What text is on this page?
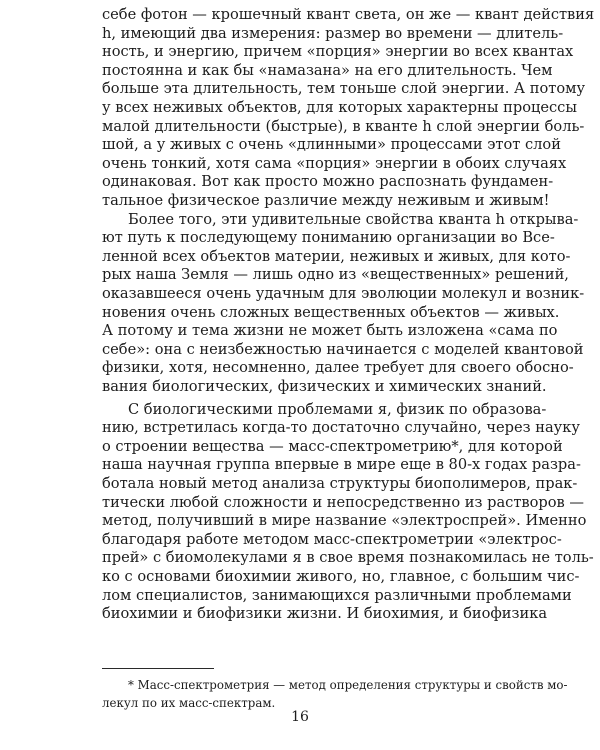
себе фотон — крошечный квант света, он же — квант действия
h, имеющий два измерения: размер во времени — длитель-
ность, и энергию, причем «порция» энергии во всех квантах
постоянна и как бы «намазана» на его длительность. Чем
больше эта длительность, тем тоньше слой энергии. А потому
у всех неживых объектов, для которых характерны процессы
малой длительности (быстрые), в кванте h слой энергии боль-
шой, а у живых с очень «длинными» процессами этот слой
очень тонкий, хотя сама «порция» энергии в обоих случаях
одинаковая. Вот как просто можно распознать фундамен-
тальное физическое различие между неживым и живым!
Более того, эти удивительные свойства кванта h открыва-
ют путь к последующему пониманию организации во Все-
ленной всех объектов материи, неживых и живых, для кото-
рых наша Земля — лишь одно из «вещественных» решений,
оказавшееся очень удачным для эволюции молекул и возник-
новения очень сложных вещественных объектов — живых.
А потому и тема жизни не может быть изложена «сама по
себе»: она с неизбежностью начинается с моделей квантовой
физики, хотя, несомненно, далее требует для своего обосно-
вания биологических, физических и химических знаний.
С биологическими проблемами я, физик по образова-
нию, встретилась когда-то достаточно случайно, через науку
о строении вещества — масс-спектрометрию*, для которой
наша научная группа впервые в мире еще в 80-х годах разра-
ботала новый метод анализа структуры биополимеров, прак-
тически любой сложности и непосредственно из растворов —
метод, получивший в мире название «электроспрей». Именно
благодаря работе методом масс-спектрометрии «электрос-
прей» с биомолекулами я в свое время познакомилась не толь-
ко с основами биохимии живого, но, главное, с большим чис-
лом специалистов, занимающихся различными проблемами
биохимии и биофизики жизни. И биохимия, и биофизика
* Масс-спектрометрия — метод определения структуры и свойств мо-
лекул по их масс-спектрам.
16
